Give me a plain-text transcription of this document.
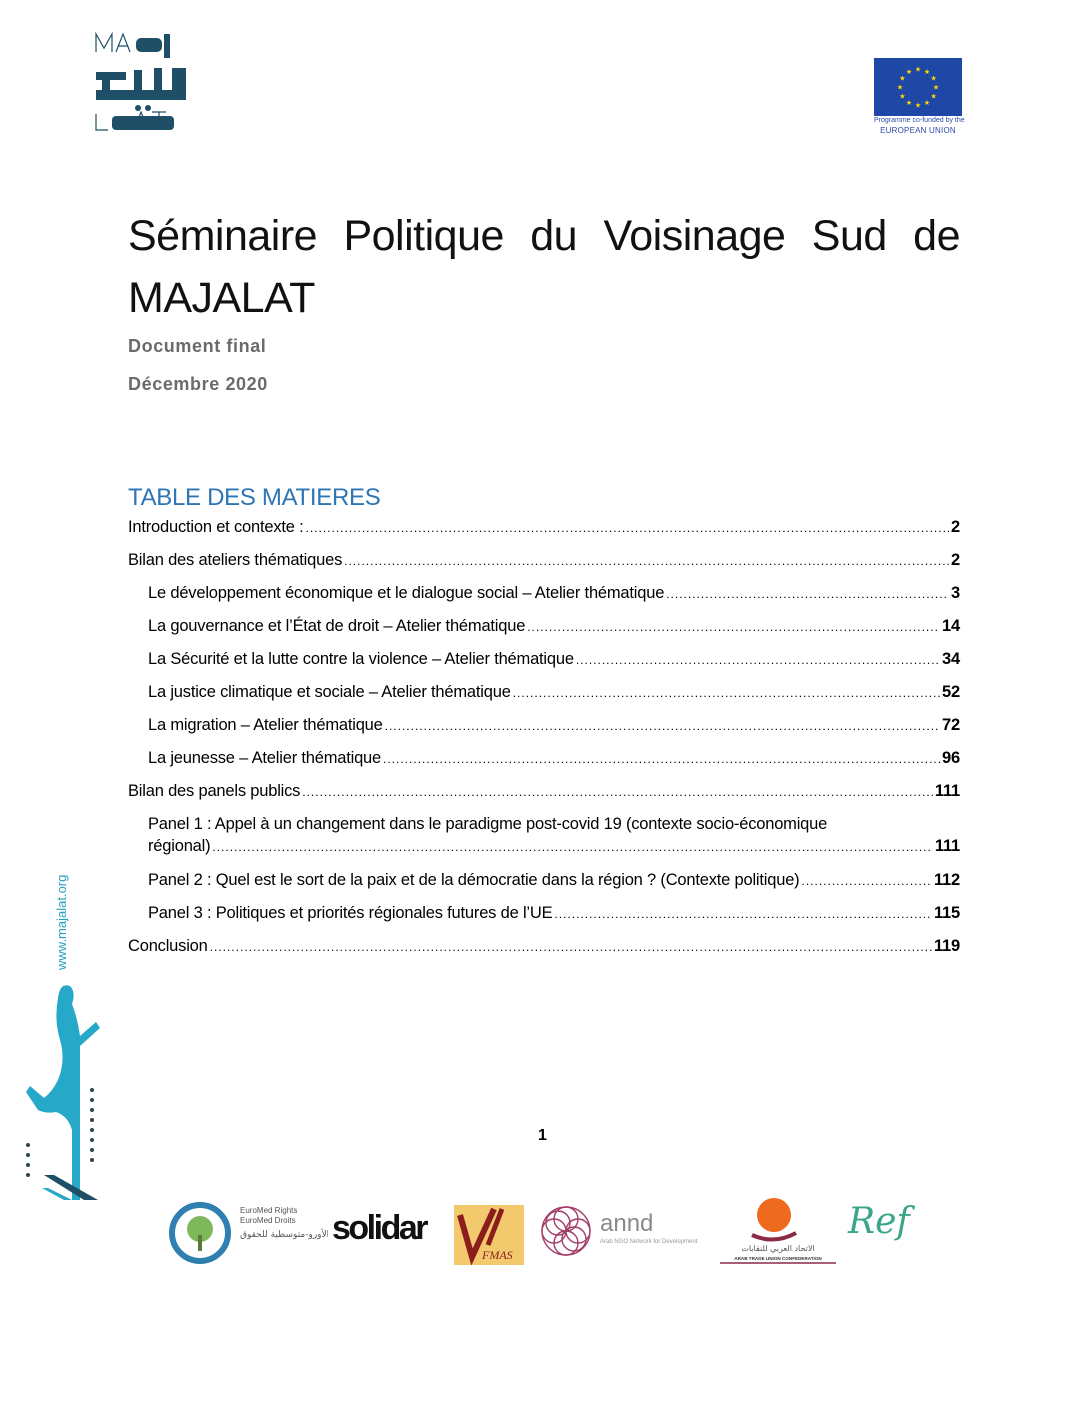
★ ★
★
★
★
★
★
★
★
★
★
★
Programme co-funded by the
EUROPEAN UNION
Séminaire Politique du Voisinage Sud de MAJALAT
Document final
Décembre 2020
TABLE DES MATIERES
Introduction et contexte : .....	2
Bilan des ateliers thématiques .....	2
Le développement économique et le dialogue social – Atelier thématique .....	3
La gouvernance et l’État de droit – Atelier thématique .....	14
La Sécurité et la lutte contre la violence – Atelier thématique .....	34
La justice climatique et sociale – Atelier thématique .....	52
La migration – Atelier thématique .....	72
La jeunesse – Atelier thématique .....	96
Bilan des panels publics .....	111
Panel 1 : Appel à un changement dans le paradigme post-covid 19 (contexte socio-économique
régional) .....	111
Panel 2 : Quel est le sort de la paix et de la démocratie dans la région ? (Contexte politique) .....	112
Panel 3 : Politiques et priorités régionales futures de l’UE .....	115
Conclusion .....	119
1
www.majalat.org
EuroMed Rights
EuroMed Droits
الأورو-متوسطية للحقوق solidar
FMAS
annd
Arab NGO Network for Development
الاتحاد العربي للنقابات
ARAB TRADE UNION CONFEDERATION
Ref
